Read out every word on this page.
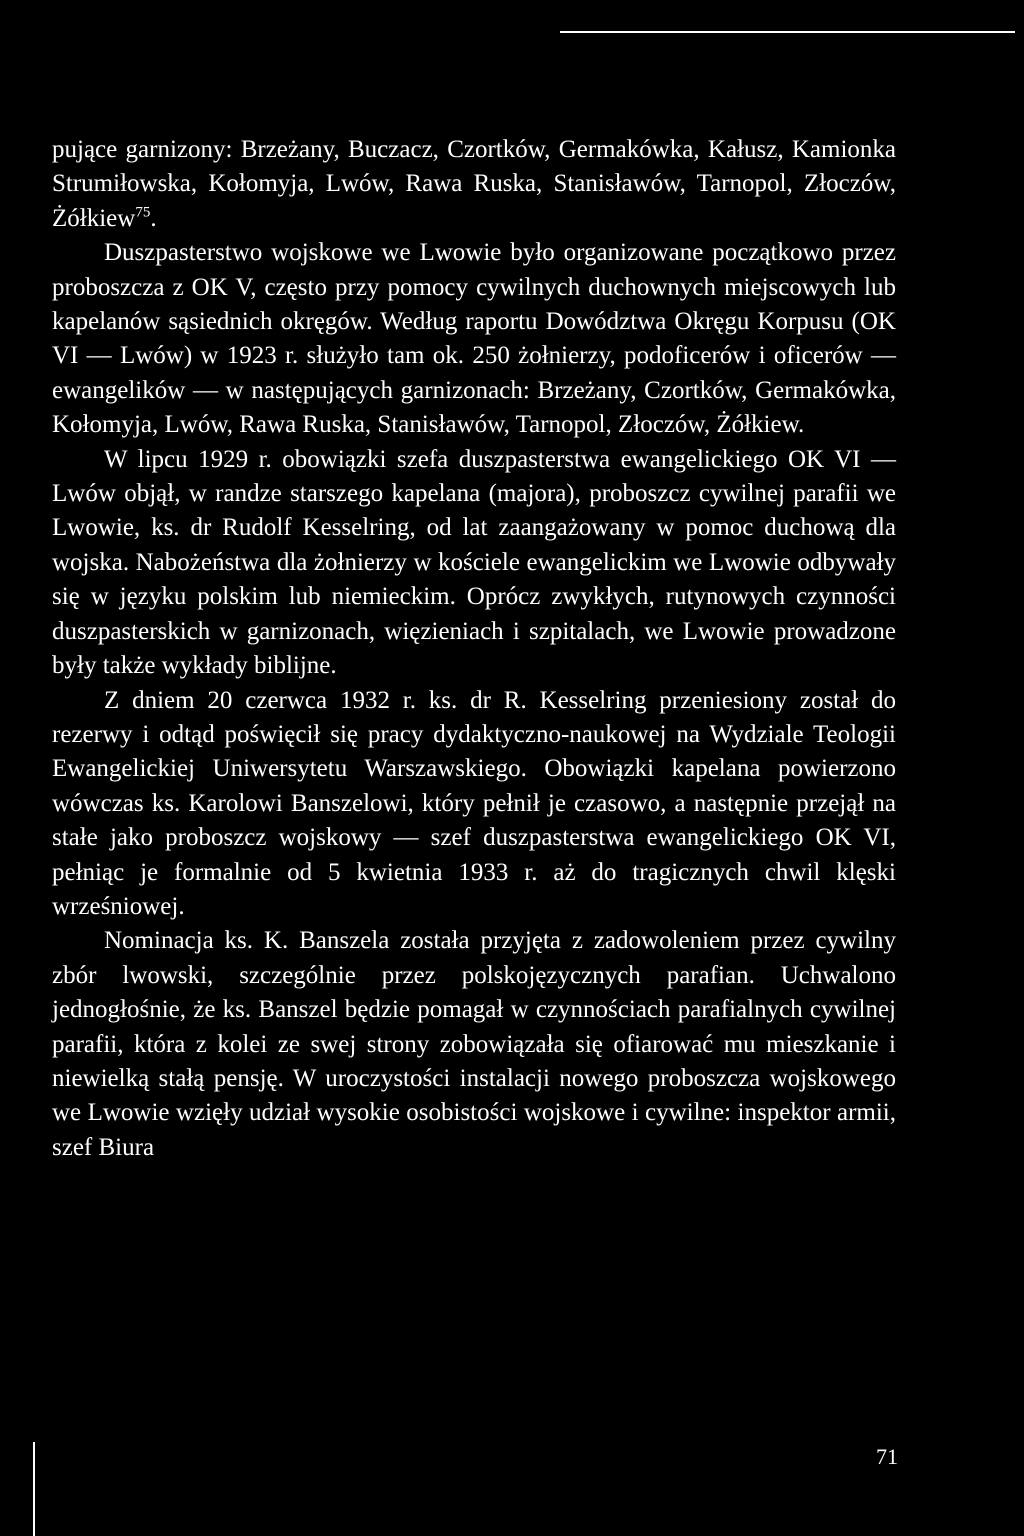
pujące garnizony: Brzeżany, Buczacz, Czortków, Germakówka, Kałusz, Kamionka Strumiłowska, Kołomyja, Lwów, Rawa Ruska, Stanisławów, Tarnopol, Złoczów, Żółkiew$^{75}$.

Duszpasterstwo wojskowe we Lwowie było organizowane początkowo przez proboszcza z OK V, często przy pomocy cywilnych duchownych miejscowych lub kapelanów sąsiednich okręgów. Według raportu Dowództwa Okręgu Korpusu (OK VI — Lwów) w 1923 r. służyło tam ok. 250 żołnierzy, podoficerów i oficerów — ewangelików — w następujących garnizonach: Brzeżany, Czortków, Germakówka, Kołomyja, Lwów, Rawa Ruska, Stanisławów, Tarnopol, Złoczów, Żółkiew.

W lipcu 1929 r. obowiązki szefa duszpasterstwa ewangelickiego OK VI — Lwów objął, w randze starszego kapelana (majora), proboszcz cywilnej parafii we Lwowie, ks. dr Rudolf Kesselring, od lat zaangażowany w pomoc duchową dla wojska. Nabożeństwa dla żołnierzy w kościele ewangelickim we Lwowie odbywały się w języku polskim lub niemieckim. Oprócz zwykłych, rutynowych czynności duszpasterskich w garnizonach, więzieniach i szpitalach, we Lwowie prowadzone były także wykłady biblijne.

Z dniem 20 czerwca 1932 r. ks. dr R. Kesselring przeniesiony został do rezerwy i odtąd poświęcił się pracy dydaktyczno-naukowej na Wydziale Teologii Ewangelickiej Uniwersytetu Warszawskiego. Obowiązki kapelana powierzono wówczas ks. Karolowi Banszelowi, który pełnił je czasowo, a następnie przejął na stałe jako proboszcz wojskowy — szef duszpasterstwa ewangelickiego OK VI, pełniąc je formalnie od 5 kwietnia 1933 r. aż do tragicznych chwil klęski wrześniowej.

Nominacja ks. K. Banszela została przyjęta z zadowoleniem przez cywilny zbór lwowski, szczególnie przez polskojęzycznych parafian. Uchwalono jednogłośnie, że ks. Banszel będzie pomagał w czynnościach parafialnych cywilnej parafii, która z kolei ze swej strony zobowiązała się ofiarować mu mieszkanie i niewielką stałą pensję. W uroczystości instalacji nowego proboszcza wojskowego we Lwowie wzięły udział wysokie osobistości wojskowe i cywilne: inspektor armii, szef Biura

71
